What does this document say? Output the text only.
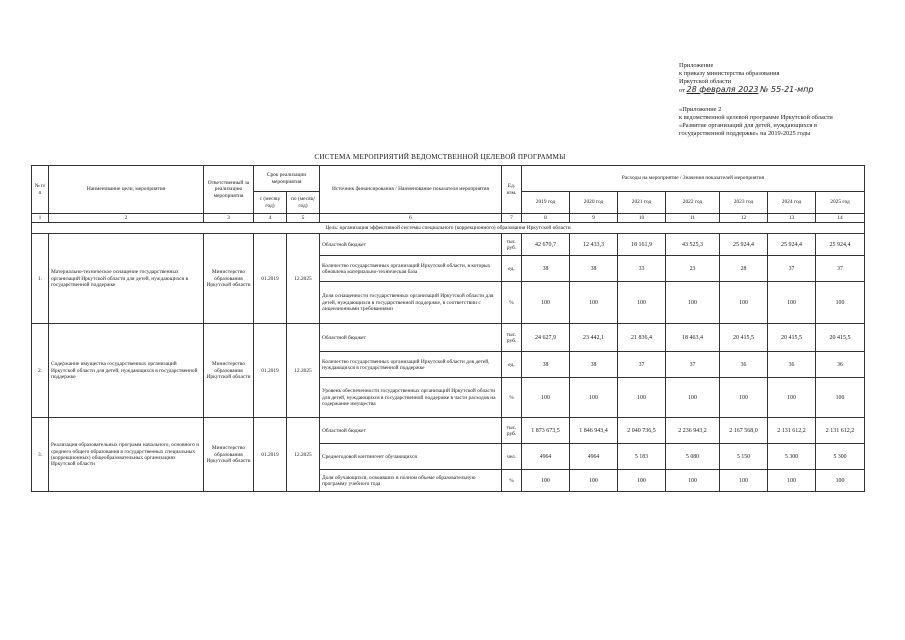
Приложение
к приказу министерства образования
Иркутской области
от 28 февраля 2023 № 55-21-мпр
«Приложение 2
к ведомственной целевой программе Иркутской области
«Развитие организаций для детей, нуждающихся в
государственной поддержке» на 2019-2025 годы
СИСТЕМА МЕРОПРИЯТИЙ ВЕДОМСТВЕННОЙ ЦЕЛЕВОЙ ПРОГРАММЫ
№ п/п	Наименование цели, мероприятия	Ответственный за реализацию мероприятия	Срок реализации мероприятия		Источник финансирования / Наименование показателя мероприятия	Ед. изм.	Расходы на мероприятие / Значения показателей мероприятия						
			с (месяц/год)	по (месяц/год)			2019 год	2020 год	2021 год	2022 год	2023 год	2024 год	2025 год
1	2	3	4	5	6	7	8	9	10	11	12	13	14
Цель: организация эффективной системы специального (коррекционного) образования Иркутской области													
1.	Материально-техническое оснащение государственных организаций Иркутской области для детей, нуждающихся в государственной поддержке	Министерство образования Иркутской области	01.2019	12.2025	Областной бюджет	тыс. руб.	42 670,7	12 433,3	18 161,9	43 525,3	25 924,4	25 924,4	25 924,4
					Количество государственных организаций Иркутской области, в которых обновлена материально-техническая база	ед.	38	38	33	23	28	37	37
					Доля оснащенности государственных организаций Иркутской области для детей, нуждающихся в государственной поддержке, в соответствии с лицензионными требованиями	%	100	100	100	100	100	100	100
2.	Содержание имущества государственных организаций Иркутской области для детей, нуждающихся в государственной поддержке	Министерство образования Иркутской области	01.2019	12.2025	Областной бюджет	тыс. руб.	24 627,9	23 442,1	21 836,4	18 463,4	20 415,5	20 415,5	20 415,5
					Количество государственных организаций Иркутской области для детей, нуждающихся в государственной поддержке	ед.	38	38	37	37	36	36	36
					Уровень обеспеченности государственных организаций Иркутской области для детей, нуждающихся в государственной поддержке в части расходов на содержание имущества	%	100	100	100	100	100	100	100
3.	Реализация образовательных программ начального, основного и среднего общего образования в государственных специальных (коррекционных) общеобразовательных организациях Иркутской области	Министерство образования Иркутской области	01.2019	12.2025	Областной бюджет	тыс. руб.	1 873 673,5	1 846 943,4	2 040 736,5	2 236 943,2	2 167 568,0	2 131 612,2	2 131 612,2
					Среднегодовой контингент обучающихся	чел.	4964	4964	5 183	5 080	5 150	5 300	5 300
					Доля обучающихся, освоивших в полном объеме образовательную программу учебного года	%	100	100	100	100	100	100	100
